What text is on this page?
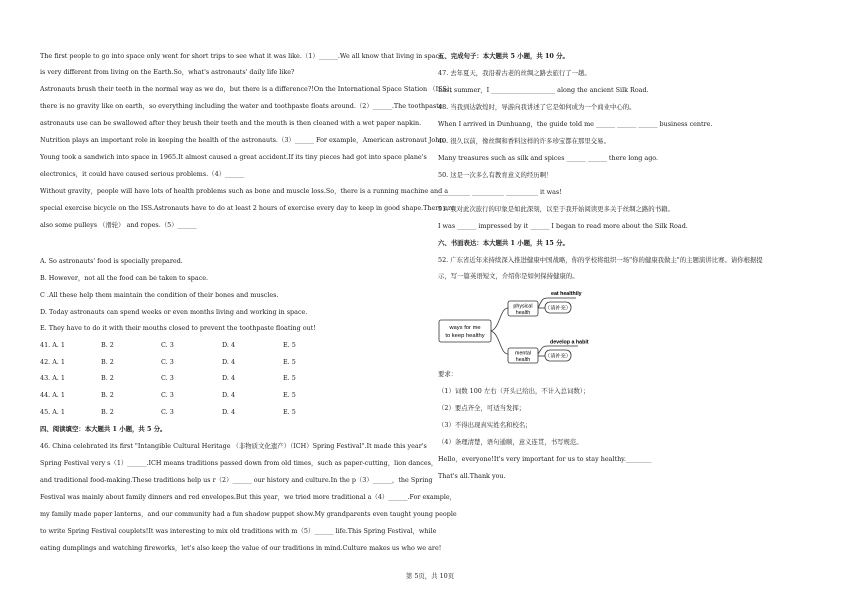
The first people to go into space only went for short trips to see what it was like.（1）______.We all know that living in space
is very different from living on the Earth.So，what's astronauts' daily life like?
Astronauts brush their teeth in the normal way as we do，but there is a difference?!On the International Space Station （ISS），
there is no gravity like on earth，so everything including the water and toothpaste floats around.（2）______.The toothpaste
astronauts use can be swallowed after they brush their teeth and the mouth is then cleaned with a wet paper napkin.
Nutrition plays an important role in keeping the health of the astronauts.（3）______ For example，American astronaut John
Young took a sandwich into space in 1965.It almost caused a great accident.If its tiny pieces had got into space plane's
electronics，it could have caused serious problems.（4）______
Without gravity，people will have lots of health problems such as bone and muscle loss.So，there is a running machine and a
special exercise bicycle on the ISS.Astronauts have to do at least 2 hours of exercise every day to keep in good shape.There are
also some pulleys （滑轮） and ropes.（5）______
A. So astronauts' food is specially prepared.
B. However，not all the food can be taken to space.
C .All these help them maintain the condition of their bones and muscles.
D. Today astronauts can spend weeks or even months living and working in space.
E. They have to do it with their mouths closed to prevent the toothpaste floating out!
41. A. 1	B. 2	C. 3	D. 4	E. 5
42. A. 1	B. 2	C. 3	D. 4	E. 5
43. A. 1	B. 2	C. 3	D. 4	E. 5
44. A. 1	B. 2	C. 3	D. 4	E. 5
45. A. 1	B. 2	C. 3	D. 4	E. 5
四、阅读填空：本大题共 1 小题，共 5 分。
46. China celebrated its first "Intangible Cultural Heritage （非物质文化遗产）（ICH）Spring Festival".It made this year's
Spring Festival very s（1）______.ICH means traditions passed down from old times，such as paper-cutting，lion dances，
and traditional food-making.These traditions help us r（2）______ our history and culture.In the p（3）______，the Spring
Festival was mainly about family dinners and red envelopes.But this year，we tried more traditional a（4）______.For example，
my family made paper lanterns，and our community had a fun shadow puppet show.My grandparents even taught young people
to write Spring Festival couplets!It was interesting to mix old traditions with m（5）______ life.This Spring Festival，while
eating dumplings and watching fireworks，let's also keep the value of our traditions in mind.Culture makes us who we are!
五、完成句子：本大题共 5 小题，共 10 分。
47. 去年夏天，我沿着古老的丝绸之路去旅行了一趟。
Last summer，I ____________________ along the ancient Silk Road.
48. 当我到达敦煌时，导游向我讲述了它是如何成为一个商业中心的。
When I arrived in Dunhuang，the guide told me ______ ______ ______ business centre.
49. 很久以前，像丝绸和香料这样的许多珍宝都在那里交易。
Many treasures such as silk and spices ______ ______ there long ago.
50. 这是一次多么有教育意义的经历啊！
__________ __________ __________ it was!
51. 我对此次旅行的印象是如此深刻，以至于我开始阅读更多关于丝绸之路的书籍。
I was ______ impressed by it ______ I began to read more about the Silk Road.
六、书面表达：本大题共 1 小题，共 15 分。
52. 广东省近年来持续深入推进健康中国战略，你的学校将组织一场"你的健康我做主"的主题演讲比赛。请你根据提
示，写一篇英语短文，介绍你是如何保持健康的。
要求：
（1）词数 100 左右（开头已给出，不计入总词数）；
（2）要点齐全，可适当发挥；
（3）不得出现真实姓名和校名；
（4）条理清楚，语句通顺，意义连贯，书写规范。
Hello，everyone!It's very important for us to stay healthy.________
That's all.Thank you.
ways for me
to keep healthy
physical
health
eat healthily
（请补充）
mental
health
develop a habit
（请补充）
第 5页，共 10页
